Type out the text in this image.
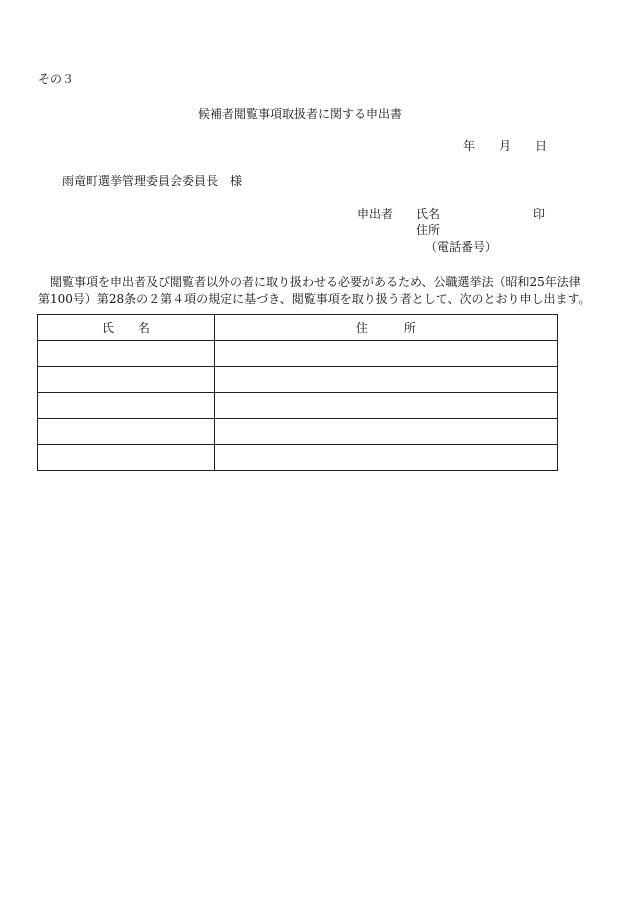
その３
候補者閲覧事項取扱者に関する申出書
年 月 日
雨竜町選挙管理委員会委員長　様
申出者 氏名	印
住所
（電話番号）
　閲覧事項を申出者及び閲覧者以外の者に取り扱わせる必要があるため、公職選挙法（昭和25年法律
第100号）第28条の２第４項の規定に基づき、閲覧事項を取り扱う者として、次のとおり申し出ます。
氏　　名	住　　　所
